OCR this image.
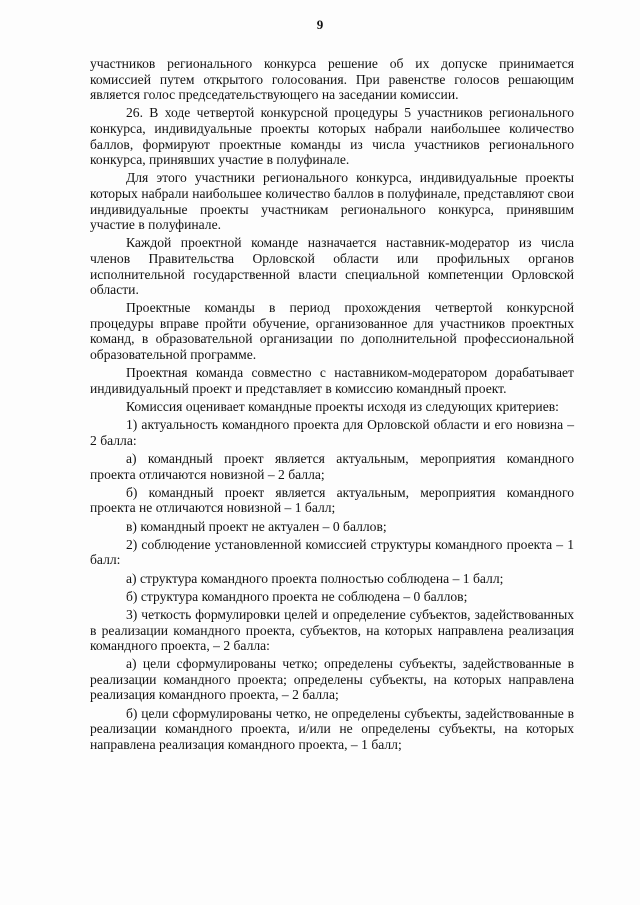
9

участников регионального конкурса решение об их допуске принимается комиссией путем открытого голосования. При равенстве голосов решающим является голос председательствующего на заседании комиссии.

26. В ходе четвертой конкурсной процедуры 5 участников регионального конкурса, индивидуальные проекты которых набрали наибольшее количество баллов, формируют проектные команды из числа участников регионального конкурса, принявших участие в полуфинале.

Для этого участники регионального конкурса, индивидуальные проекты которых набрали наибольшее количество баллов в полуфинале, представляют свои индивидуальные проекты участникам регионального конкурса, принявшим участие в полуфинале.

Каждой проектной команде назначается наставник-модератор из числа членов Правительства Орловской области или профильных органов исполнительной государственной власти специальной компетенции Орловской области.

Проектные команды в период прохождения четвертой конкурсной процедуры вправе пройти обучение, организованное для участников проектных команд, в образовательной организации по дополнительной профессиональной образовательной программе.

Проектная команда совместно с наставником-модератором дорабатывает индивидуальный проект и представляет в комиссию командный проект.

Комиссия оценивает командные проекты исходя из следующих критериев:

1) актуальность командного проекта для Орловской области и его новизна – 2 балла:

а) командный проект является актуальным, мероприятия командного проекта отличаются новизной – 2 балла;

б) командный проект является актуальным, мероприятия командного проекта не отличаются новизной – 1 балл;

в) командный проект не актуален – 0 баллов;

2) соблюдение установленной комиссией структуры командного проекта – 1 балл:

а) структура командного проекта полностью соблюдена – 1 балл;

б) структура командного проекта не соблюдена – 0 баллов;

3) четкость формулировки целей и определение субъектов, задействованных в реализации командного проекта, субъектов, на которых направлена реализация командного проекта, – 2 балла:

а) цели сформулированы четко; определены субъекты, задействованные в реализации командного проекта; определены субъекты, на которых направлена реализация командного проекта, – 2 балла;

б) цели сформулированы четко, не определены субъекты, задействованные в реализации командного проекта, и/или не определены субъекты, на которых направлена реализация командного проекта, – 1 балл;
